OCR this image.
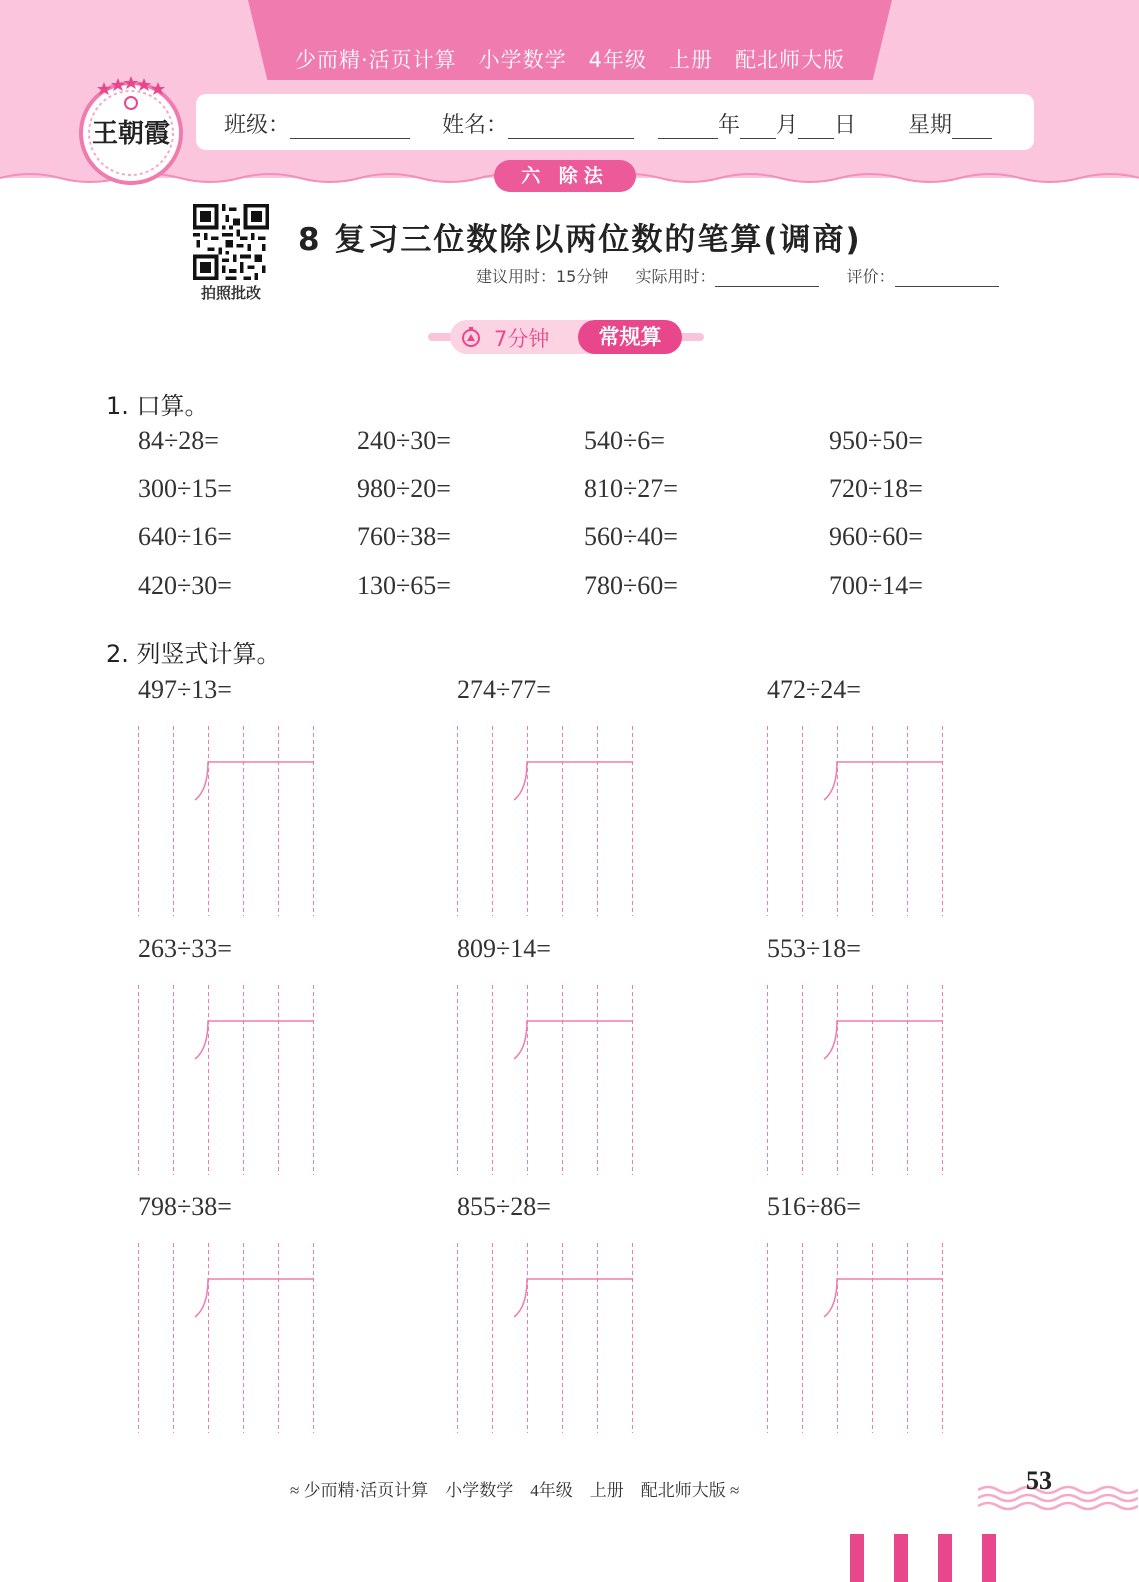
少而精·活页计算　小学数学　4年级　上册　配北师大版
班级：	姓名：	年 月 日 星期
王朝霞
六 除法
拍照批改
8 复习三位数除以两位数的笔算(调商)
建议用时：15分钟 实际用时：	评价：
7分钟	常规算
1. 口算。
84÷28=	240÷30=	540÷6=	950÷50=
300÷15=	980÷20=	810÷27=	720÷18=
640÷16=	760÷38=	560÷40=	960÷60=
420÷30=	130÷65=	780÷60=	700÷14=
2. 列竖式计算。
497÷13=	274÷77=	472÷24=
263÷33=	809÷14=	553÷18=
798÷38=	855÷28=	516÷86=
≈ 少而精·活页计算　小学数学　4年级　上册　配北师大版 ≈	53
